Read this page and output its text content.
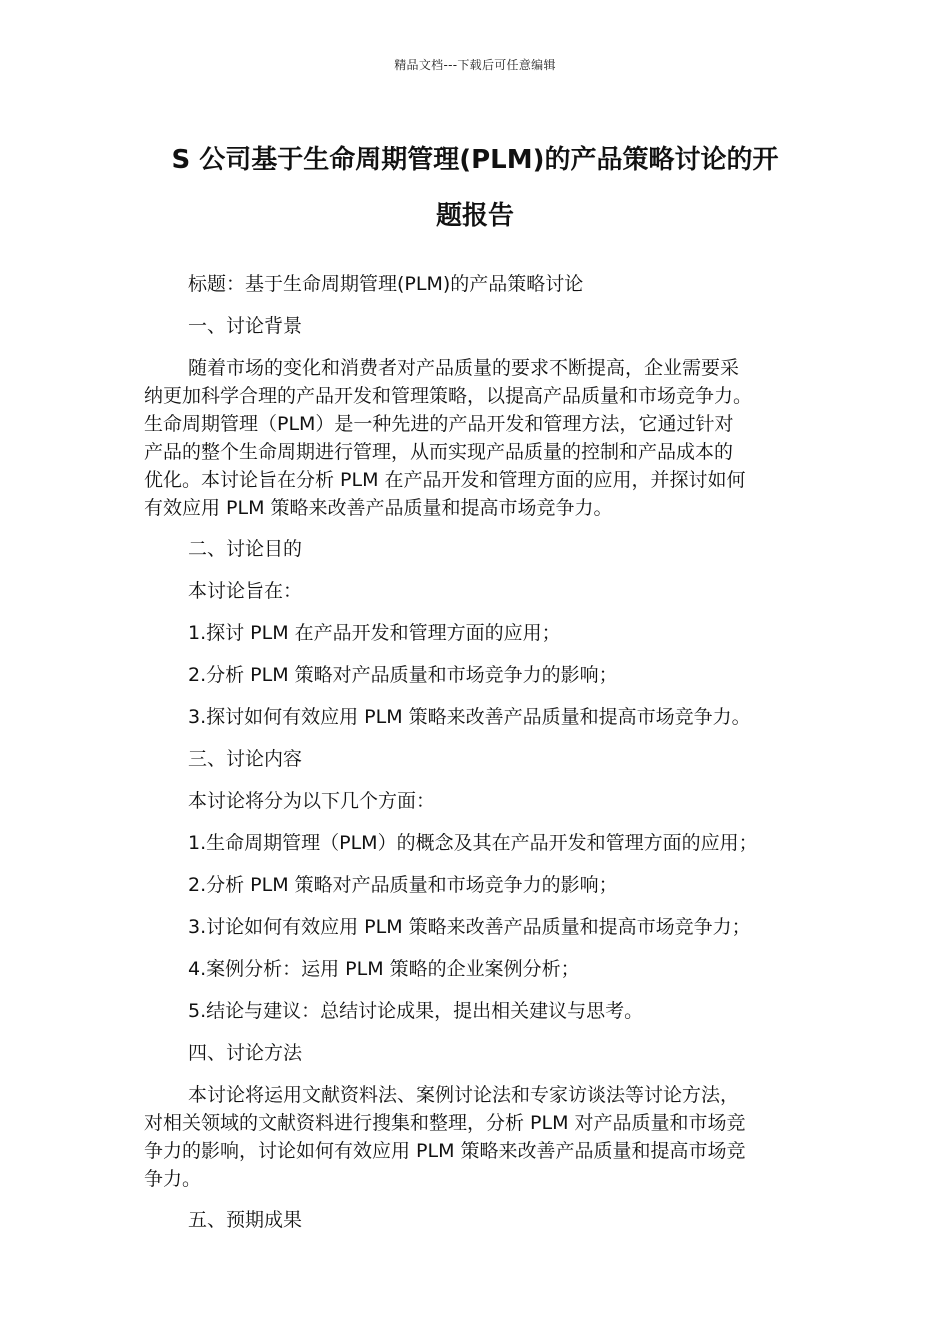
精品文档---下载后可任意编辑
S 公司基于生命周期管理(PLM)的产品策略讨论的开
题报告

标题：基于生命周期管理(PLM)的产品策略讨论

一、讨论背景

随着市场的变化和消费者对产品质量的要求不断提高，企业需要采
纳更加科学合理的产品开发和管理策略，以提高产品质量和市场竞争力。
生命周期管理（PLM）是一种先进的产品开发和管理方法，它通过针对
产品的整个生命周期进行管理，从而实现产品质量的控制和产品成本的
优化。本讨论旨在分析 PLM 在产品开发和管理方面的应用，并探讨如何
有效应用 PLM 策略来改善产品质量和提高市场竞争力。

二、讨论目的

本讨论旨在：

1.探讨 PLM 在产品开发和管理方面的应用；

2.分析 PLM 策略对产品质量和市场竞争力的影响；

3.探讨如何有效应用 PLM 策略来改善产品质量和提高市场竞争力。

三、讨论内容

本讨论将分为以下几个方面：

1.生命周期管理（PLM）的概念及其在产品开发和管理方面的应用；

2.分析 PLM 策略对产品质量和市场竞争力的影响；

3.讨论如何有效应用 PLM 策略来改善产品质量和提高市场竞争力；

4.案例分析：运用 PLM 策略的企业案例分析；

5.结论与建议：总结讨论成果，提出相关建议与思考。

四、讨论方法

本讨论将运用文献资料法、案例讨论法和专家访谈法等讨论方法，
对相关领域的文献资料进行搜集和整理，分析 PLM 对产品质量和市场竞
争力的影响，讨论如何有效应用 PLM 策略来改善产品质量和提高市场竞
争力。

五、预期成果
